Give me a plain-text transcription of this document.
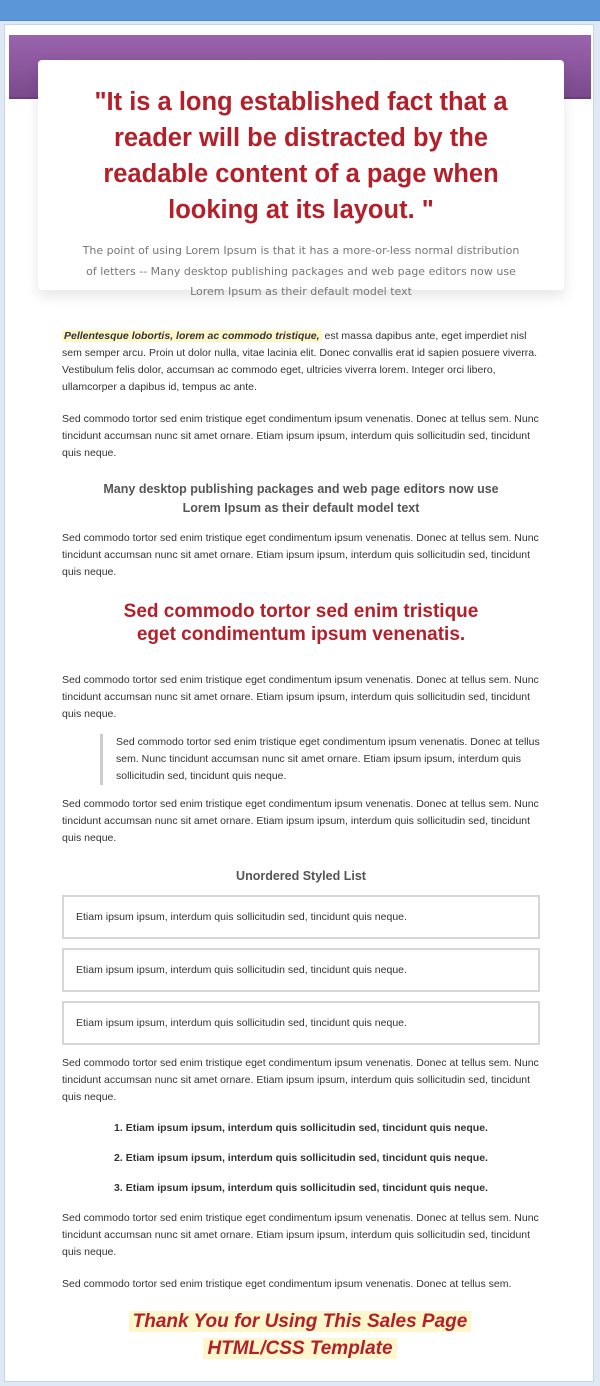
"It is a long established fact that a reader will be distracted by the readable content of a page when looking at its layout. "

The point of using Lorem Ipsum is that it has a more-or-less normal distribution of letters -- Many desktop publishing packages and web page editors now use Lorem Ipsum as their default model text

Pellentesque lobortis, lorem ac commodo tristique, est massa dapibus ante, eget imperdiet nisl sem semper arcu. Proin ut dolor nulla, vitae lacinia elit. Donec convallis erat id sapien posuere viverra. Vestibulum felis dolor, accumsan ac commodo eget, ultricies viverra lorem. Integer orci libero, ullamcorper a dapibus id, tempus ac ante.

Sed commodo tortor sed enim tristique eget condimentum ipsum venenatis. Donec at tellus sem. Nunc tincidunt accumsan nunc sit amet ornare. Etiam ipsum ipsum, interdum quis sollicitudin sed, tincidunt quis neque.

Many desktop publishing packages and web page editors now use Lorem Ipsum as their default model text

Sed commodo tortor sed enim tristique eget condimentum ipsum venenatis. Donec at tellus sem. Nunc tincidunt accumsan nunc sit amet ornare. Etiam ipsum ipsum, interdum quis sollicitudin sed, tincidunt quis neque.

Sed commodo tortor sed enim tristique eget condimentum ipsum venenatis.

Sed commodo tortor sed enim tristique eget condimentum ipsum venenatis. Donec at tellus sem. Nunc tincidunt accumsan nunc sit amet ornare. Etiam ipsum ipsum, interdum quis sollicitudin sed, tincidunt quis neque.

Sed commodo tortor sed enim tristique eget condimentum ipsum venenatis. Donec at tellus sem. Nunc tincidunt accumsan nunc sit amet ornare. Etiam ipsum ipsum, interdum quis sollicitudin sed, tincidunt quis neque.

Sed commodo tortor sed enim tristique eget condimentum ipsum venenatis. Donec at tellus sem. Nunc tincidunt accumsan nunc sit amet ornare. Etiam ipsum ipsum, interdum quis sollicitudin sed, tincidunt quis neque.

Unordered Styled List
Etiam ipsum ipsum, interdum quis sollicitudin sed, tincidunt quis neque.
Etiam ipsum ipsum, interdum quis sollicitudin sed, tincidunt quis neque.
Etiam ipsum ipsum, interdum quis sollicitudin sed, tincidunt quis neque.

Sed commodo tortor sed enim tristique eget condimentum ipsum venenatis. Donec at tellus sem. Nunc tincidunt accumsan nunc sit amet ornare. Etiam ipsum ipsum, interdum quis sollicitudin sed, tincidunt quis neque.

1. Etiam ipsum ipsum, interdum quis sollicitudin sed, tincidunt quis neque.
2. Etiam ipsum ipsum, interdum quis sollicitudin sed, tincidunt quis neque.
3. Etiam ipsum ipsum, interdum quis sollicitudin sed, tincidunt quis neque.

Sed commodo tortor sed enim tristique eget condimentum ipsum venenatis. Donec at tellus sem. Nunc tincidunt accumsan nunc sit amet ornare. Etiam ipsum ipsum, interdum quis sollicitudin sed, tincidunt quis neque.

Sed commodo tortor sed enim tristique eget condimentum ipsum venenatis. Donec at tellus sem.

Thank You for Using This Sales Page
HTML/CSS Template
